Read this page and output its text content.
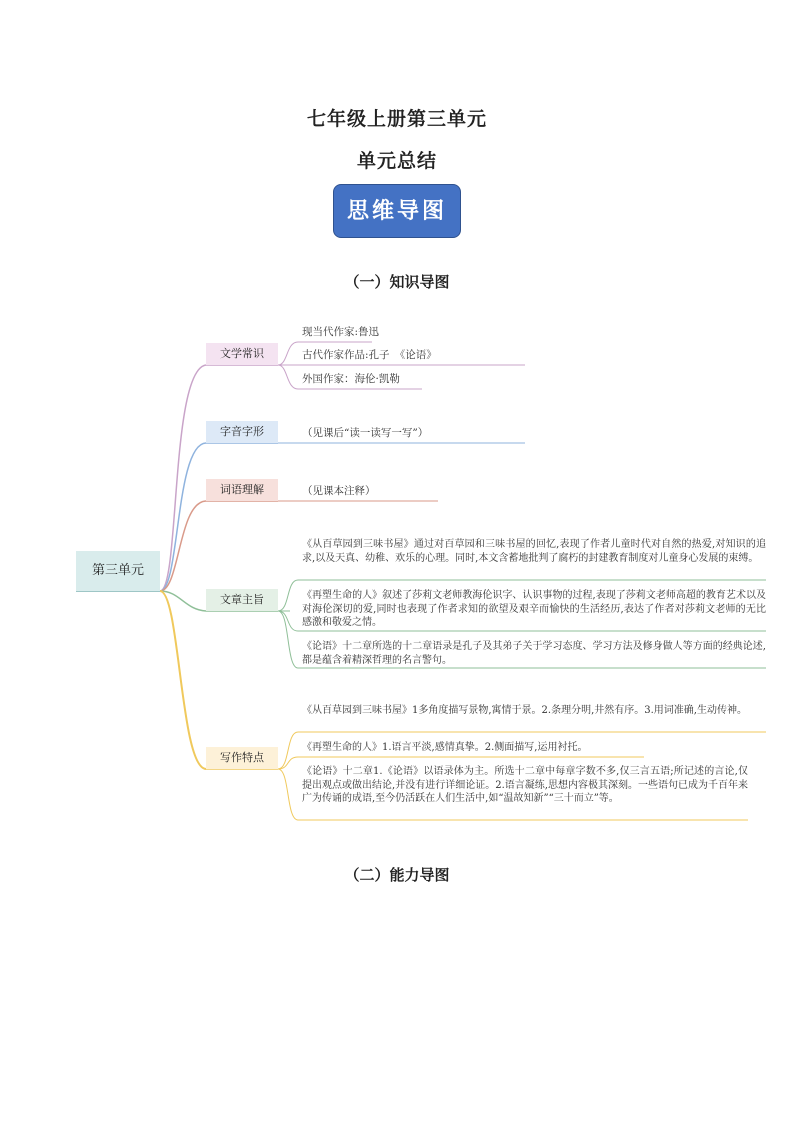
七年级上册第三单元
单元总结
思维导图
（一）知识导图
第三单元
文学常识
字音字形
词语理解
文章主旨
写作特点
现当代作家:鲁迅
古代作家作品:孔子　《论语》
外国作家：海伦·凯勒
（见课后“读一读写一写”）
（见课本注释）
《从百草园到三味书屋》通过对百草园和三味书屋的回忆,表现了作者儿童时代对自然的热爱,对知识的追求,以及天真、幼稚、欢乐的心理。同时,本文含蓄地批判了腐朽的封建教育制度对儿童身心发展的束缚。
《再塑生命的人》叙述了莎莉文老师教海伦识字、认识事物的过程,表现了莎莉文老师高超的教育艺术以及对海伦深切的爱,同时也表现了作者求知的欲望及艰辛而愉快的生活经历,表达了作者对莎莉文老师的无比感激和敬爱之情。
《论语》十二章所选的十二章语录是孔子及其弟子关于学习态度、学习方法及修身做人等方面的经典论述,都是蕴含着精深哲理的名言警句。
《从百草园到三味书屋》1多角度描写景物,寓情于景。2.条理分明,井然有序。3.用词准确,生动传神。
《再塑生命的人》1.语言平淡,感情真挚。2.侧面描写,运用衬托。
《论语》十二章1.《论语》以语录体为主。所选十二章中每章字数不多,仅三言五语;所记述的言论,仅提出观点或做出结论,并没有进行详细论证。2.语言凝练,思想内容极其深刻。一些语句已成为千百年来广为传诵的成语,至今仍活跃在人们生活中,如“温故知新”“三十而立”等。
（二）能力导图
